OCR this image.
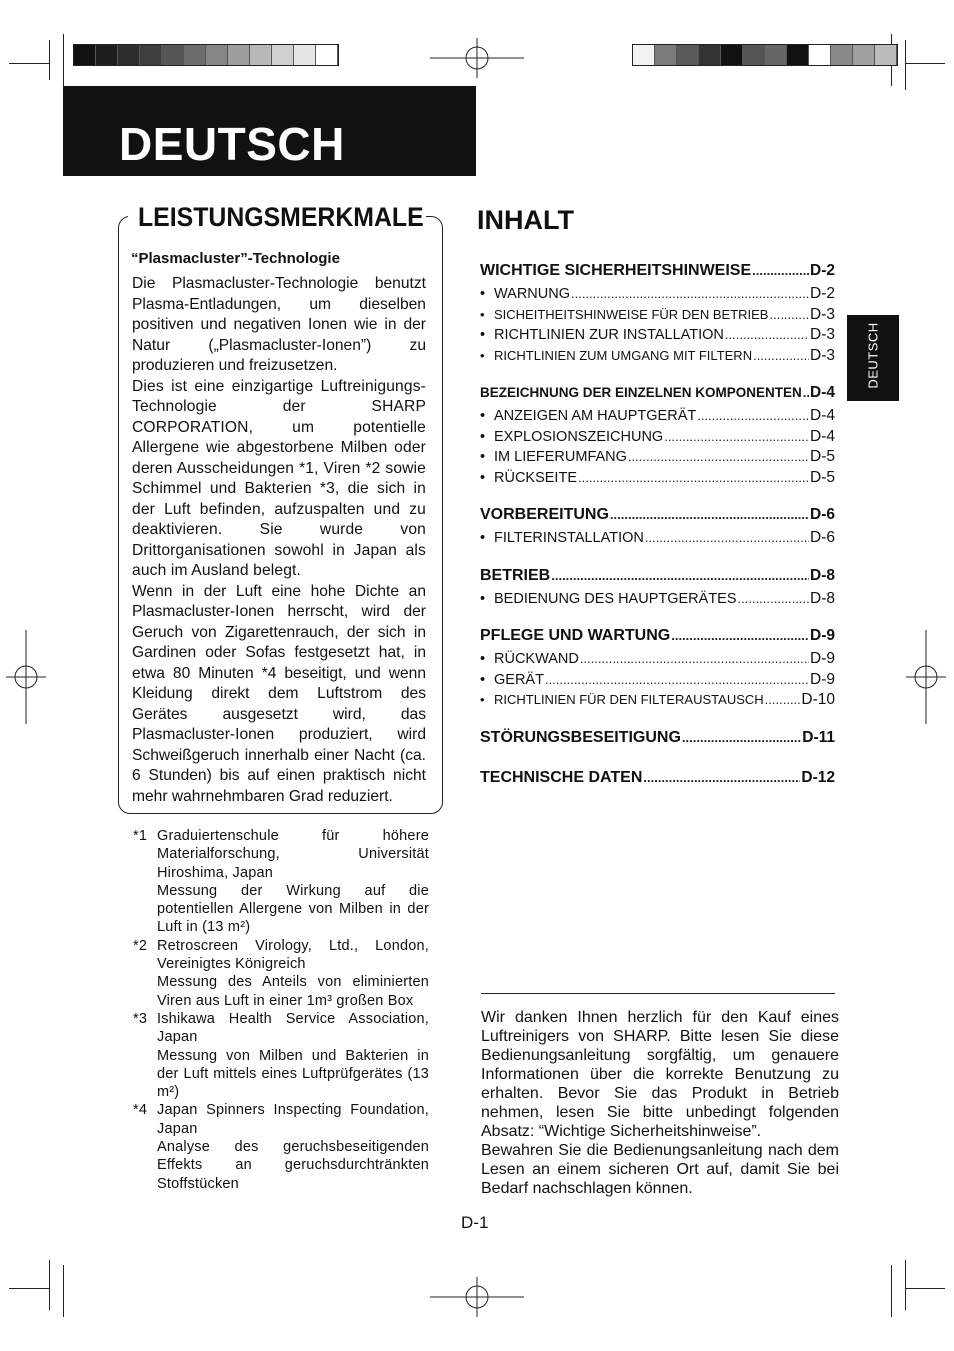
DEUTSCH
LEISTUNGSMERKMALE
“Plasmacluster”-Technologie

Die Plasmacluster-Technologie benutzt Plasma-Entladungen, um dieselben positiven und negativen Ionen wie in der Natur („Plasmacluster-Ionen”) zu produzieren und freizusetzen.

Dies ist eine einzigartige Luftreinigungs-Technologie der SHARP CORPORATION, um potentielle Allergene wie abgestorbene Milben oder deren Ausscheidungen *1, Viren *2 sowie Schimmel und Bakterien *3, die sich in der Luft befinden, aufzuspalten und zu deaktivieren. Sie wurde von Drittorganisationen sowohl in Japan als auch im Ausland belegt.

Wenn in der Luft eine hohe Dichte an Plasmacluster-Ionen herrscht, wird der Geruch von Zigarettenrauch, der sich in Gardinen oder Sofas festgesetzt hat, in etwa 80 Minuten *4 beseitigt, und wenn Kleidung direkt dem Luftstrom des Gerätes ausgesetzt wird, das Plasmacluster-Ionen produziert, wird Schweißgeruch innerhalb einer Nacht (ca. 6 Stunden) bis auf einen praktisch nicht mehr wahrnehmbaren Grad reduziert.

*1 Graduiertenschule für höhere Materialforschung, Universität Hiroshima, Japan
Messung der Wirkung auf die potentiellen Allergene von Milben in der Luft in (13 m²)
*2 Retroscreen Virology, Ltd., London, Vereinigtes Königreich
Messung des Anteils von eliminierten Viren aus Luft in einer 1m³ großen Box
*3 Ishikawa Health Service Association, Japan
Messung von Milben und Bakterien in der Luft mittels eines Luftprüfgerätes (13 m²)
*4 Japan Spinners Inspecting Foundation, Japan
Analyse des geruchsbeseitigenden Effekts an geruchsdurchtränkten Stoffstücken
INHALT
WICHTIGE SICHERHEITSHINWEISE .....	D-2
• WARNUNG .....	D-2
• SICHEITHEITSHINWEISE FÜR DEN BETRIEB .....	D-3
• RICHTLINIEN ZUR INSTALLATION .....	D-3
• RICHTLINIEN ZUM UMGANG MIT FILTERN .....	D-3
BEZEICHNUNG DER EINZELNEN KOMPONENTEN ..... D-4
• ANZEIGEN AM HAUPTGERÄT .....	D-4
• EXPLOSIONSZEICHUNG .....	D-4
• IM LIEFERUMFANG .....	D-5
• RÜCKSEITE .....	D-5
VORBEREITUNG .....	D-6
• FILTERINSTALLATION .....	D-6
BETRIEB .....	D-8
• BEDIENUNG DES HAUPTGERÄTES .....	D-8
PFLEGE UND WARTUNG .....	D-9
• RÜCKWAND .....	D-9
• GERÄT .....	D-9
• RICHTLINIEN FÜR DEN FILTERAUSTAUSCH ..... D-10
STÖRUNGSBESEITIGUNG .....	D-11
TECHNISCHE DATEN .....	D-12
DEUTSCH

Wir danken Ihnen herzlich für den Kauf eines Luftreinigers von SHARP. Bitte lesen Sie diese Bedienungsanleitung sorgfältig, um genauere Informationen über die korrekte Benutzung zu erhalten. Bevor Sie das Produkt in Betrieb nehmen, lesen Sie bitte unbedingt folgenden Absatz: “Wichtige Sicherheitshinweise”.

Bewahren Sie die Bedienungsanleitung nach dem Lesen an einem sicheren Ort auf, damit Sie bei Bedarf nachschlagen können.

D-1
